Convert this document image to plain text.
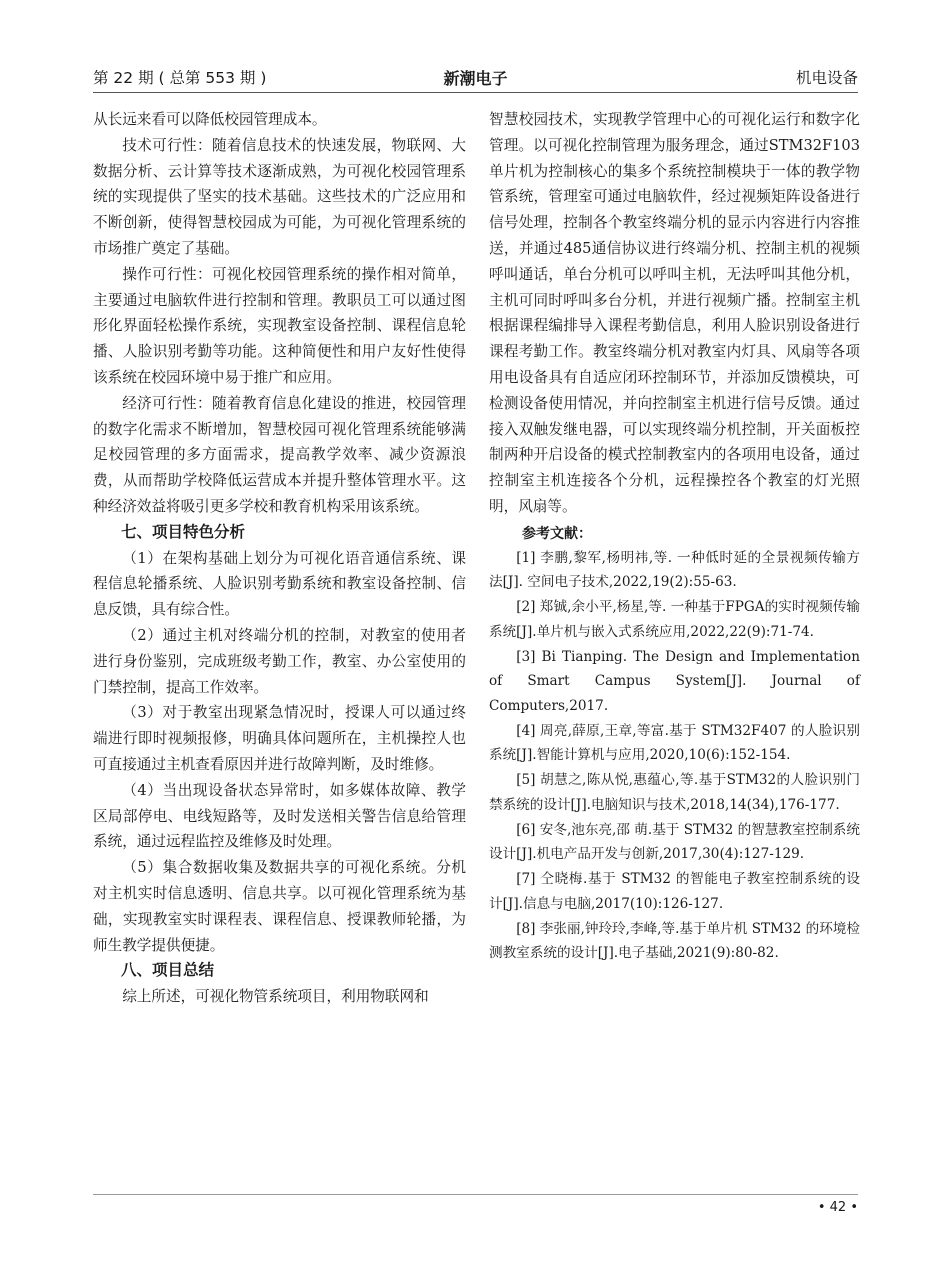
第 22 期 ( 总第 553 期 )	新潮电子	机电设备

从长远来看可以降低校园管理成本。

技术可行性：随着信息技术的快速发展，物联网、大数据分析、云计算等技术逐渐成熟，为可视化校园管理系统的实现提供了坚实的技术基础。这些技术的广泛应用和不断创新，使得智慧校园成为可能，为可视化管理系统的市场推广奠定了基础。

操作可行性：可视化校园管理系统的操作相对简单，主要通过电脑软件进行控制和管理。教职员工可以通过图形化界面轻松操作系统，实现教室设备控制、课程信息轮播、人脸识别考勤等功能。这种简便性和用户友好性使得该系统在校园环境中易于推广和应用。

经济可行性：随着教育信息化建设的推进，校园管理的数字化需求不断增加，智慧校园可视化管理系统能够满足校园管理的多方面需求，提高教学效率、减少资源浪费，从而帮助学校降低运营成本并提升整体管理水平。这种经济效益将吸引更多学校和教育机构采用该系统。

七、项目特色分析

（1）在架构基础上划分为可视化语音通信系统、课程信息轮播系统、人脸识别考勤系统和教室设备控制、信息反馈，具有综合性。

（2）通过主机对终端分机的控制，对教室的使用者进行身份鉴别，完成班级考勤工作，教室、办公室使用的门禁控制，提高工作效率。

（3）对于教室出现紧急情况时，授课人可以通过终端进行即时视频报修，明确具体问题所在，主机操控人也可直接通过主机查看原因并进行故障判断，及时维修。

（4）当出现设备状态异常时，如多媒体故障、教学区局部停电、电线短路等，及时发送相关警告信息给管理系统，通过远程监控及维修及时处理。

（5）集合数据收集及数据共享的可视化系统。分机对主机实时信息透明、信息共享。以可视化管理系统为基础，实现教室实时课程表、课程信息、授课教师轮播，为师生教学提供便捷。

八、项目总结

综上所述，可视化物管系统项目，利用物联网和

智慧校园技术，实现教学管理中心的可视化运行和数字化管理。以可视化控制管理为服务理念，通过STM32F103单片机为控制核心的集多个系统控制模块于一体的教学物管系统，管理室可通过电脑软件，经过视频矩阵设备进行信号处理，控制各个教室终端分机的显示内容进行内容推送，并通过485通信协议进行终端分机、控制主机的视频呼叫通话，单台分机可以呼叫主机，无法呼叫其他分机，主机可同时呼叫多台分机，并进行视频广播。控制室主机根据课程编排导入课程考勤信息，利用人脸识别设备进行课程考勤工作。教室终端分机对教室内灯具、风扇等各项用电设备具有自适应闭环控制环节，并添加反馈模块，可检测设备使用情况，并向控制室主机进行信号反馈。通过接入双触发继电器，可以实现终端分机控制，开关面板控制两种开启设备的模式控制教室内的各项用电设备，通过控制室主机连接各个分机，远程操控各个教室的灯光照明，风扇等。

参考文献：

[1] 李鹏,黎军,杨明祎,等. 一种低时延的全景视频传输方法[J]. 空间电子技术,2022,19(2):55-63.

[2] 郑铖,余小平,杨星,等. 一种基于FPGA的实时视频传输系统[J].单片机与嵌入式系统应用,2022,22(9):71-74.

[3] Bi Tianping. The Design and Implementation of Smart Campus System[J]. Journal of Computers,2017.

[4] 周亮,薛原,王章,等富.基于 STM32F407 的人脸识别系统[J].智能计算机与应用,2020,10(6):152-154.

[5] 胡慧之,陈从悦,惠蕴心,等.基于STM32的人脸识别门禁系统的设计[J].电脑知识与技术,2018,14(34),176-177.

[6] 安冬,池东亮,邵 萌.基于 STM32 的智慧教室控制系统设计[J].机电产品开发与创新,2017,30(4):127-129.

[7] 仝晓梅.基于 STM32 的智能电子教室控制系统的设计[J].信息与电脑,2017(10):126-127.

[8] 李张丽,钟玲玲,李峰,等.基于单片机 STM32 的环境检测教室系统的设计[J].电子基础,2021(9):80-82.

• 42 •
